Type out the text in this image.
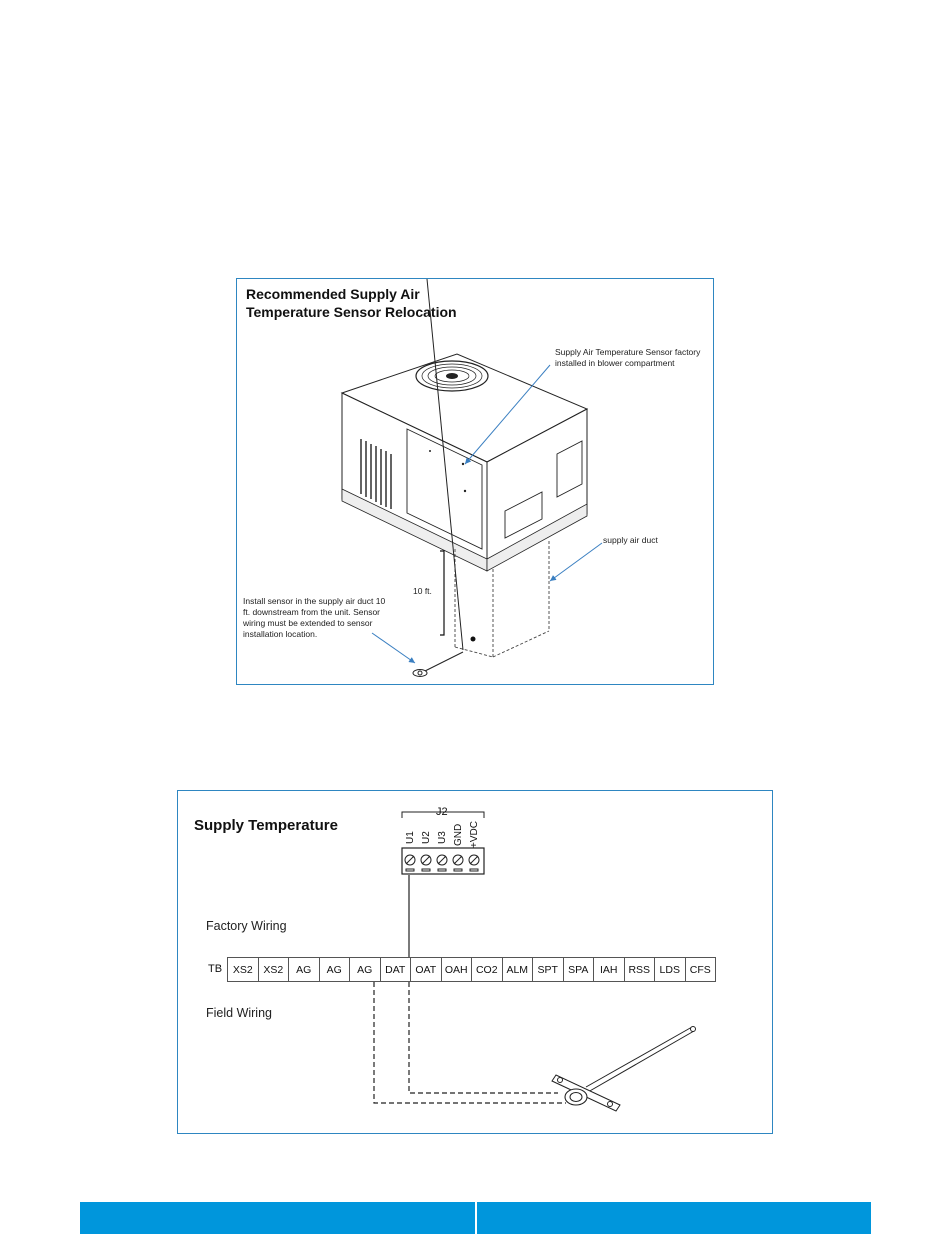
Recommended Supply Air Temperature Sensor Relocation

Supply Air Temperature Sensor factory installed in blower compartment
supply air duct
10 ft.
Install sensor in the supply air duct 10 ft. downstream from the unit. Sensor wiring must be extended to sensor installation location.

Supply Temperature

J2
U1 U2 U3 GND +VDC
Factory Wiring
Field Wiring
TB	XS2	XS2	AG	AG	AG	DAT OAT OAH CO2 ALM SPT SPA	IAH	RSS LDS CFS
